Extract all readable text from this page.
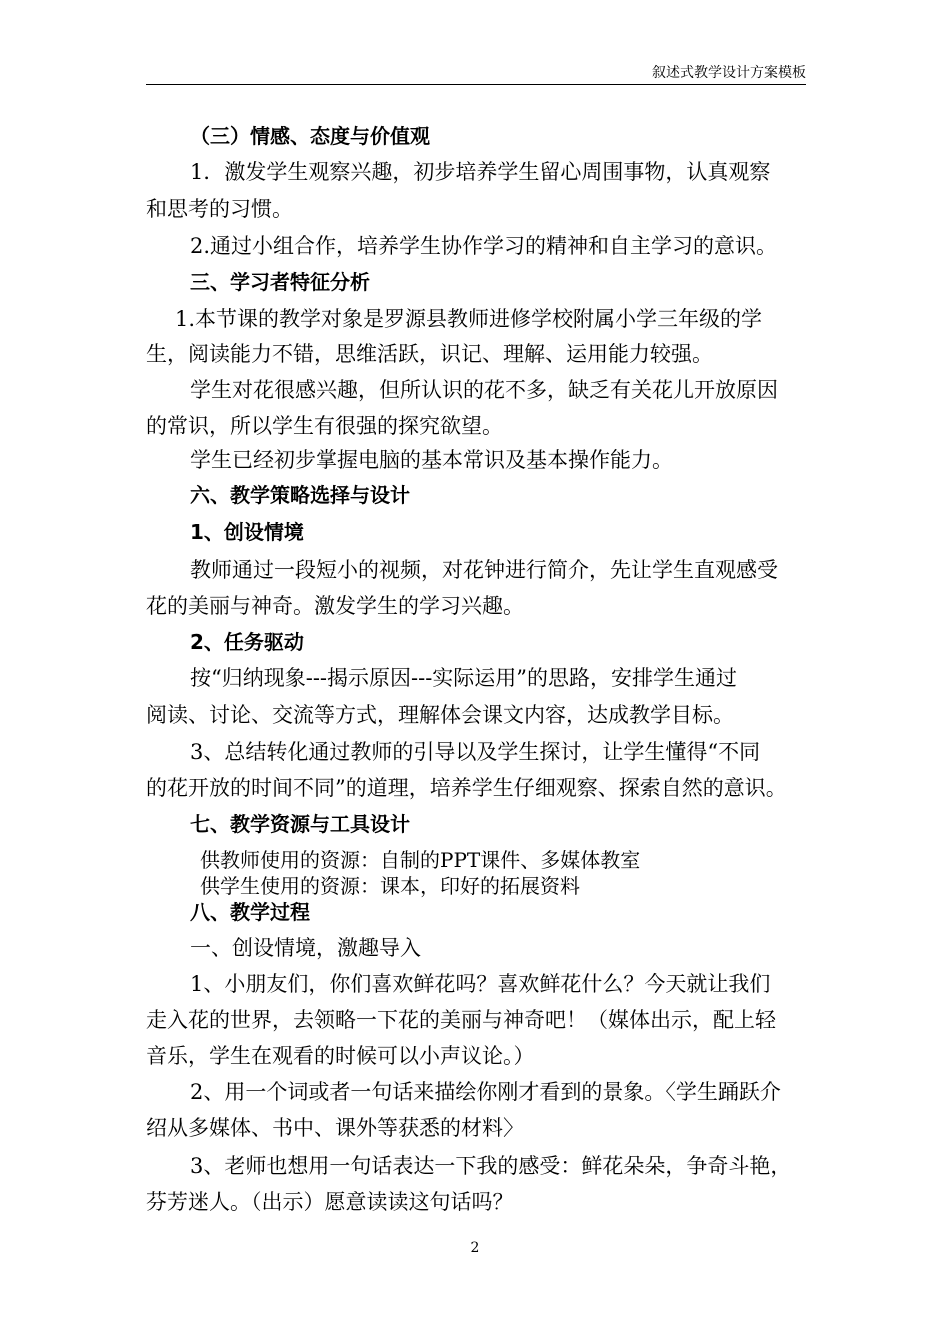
叙述式教学设计方案模板
（三）情感、态度与价值观
1．激发学生观察兴趣，初步培养学生留心周围事物，认真观察
和思考的习惯。
2.通过小组合作，培养学生协作学习的精神和自主学习的意识。
三、学习者特征分析
1.本节课的教学对象是罗源县教师进修学校附属小学三年级的学
生，阅读能力不错，思维活跃，识记、理解、运用能力较强。
学生对花很感兴趣，但所认识的花不多，缺乏有关花儿开放原因
的常识，所以学生有很强的探究欲望。
学生已经初步掌握电脑的基本常识及基本操作能力。
六、教学策略选择与设计
1、创设情境
教师通过一段短小的视频，对花钟进行简介，先让学生直观感受
花的美丽与神奇。激发学生的学习兴趣。
2、任务驱动
按“归纳现象---揭示原因---实际运用”的思路，安排学生通过
阅读、讨论、交流等方式，理解体会课文内容，达成教学目标。
3、总结转化通过教师的引导以及学生探讨，让学生懂得“不同
的花开放的时间不同”的道理，培养学生仔细观察、探索自然的意识。
七、教学资源与工具设计
供教师使用的资源：自制的PPT课件、多媒体教室
供学生使用的资源：课本，印好的拓展资料
八、教学过程
一、创设情境，激趣导入
1、小朋友们，你们喜欢鲜花吗？喜欢鲜花什么？今天就让我们
走入花的世界，去领略一下花的美丽与神奇吧！（媒体出示，配上轻
音乐，学生在观看的时候可以小声议论。）
2、用一个词或者一句话来描绘你刚才看到的景象。〈学生踊跃介
绍从多媒体、书中、课外等获悉的材料〉
3、老师也想用一句话表达一下我的感受：鲜花朵朵，争奇斗艳，
芬芳迷人。（出示）愿意读读这句话吗？
2
